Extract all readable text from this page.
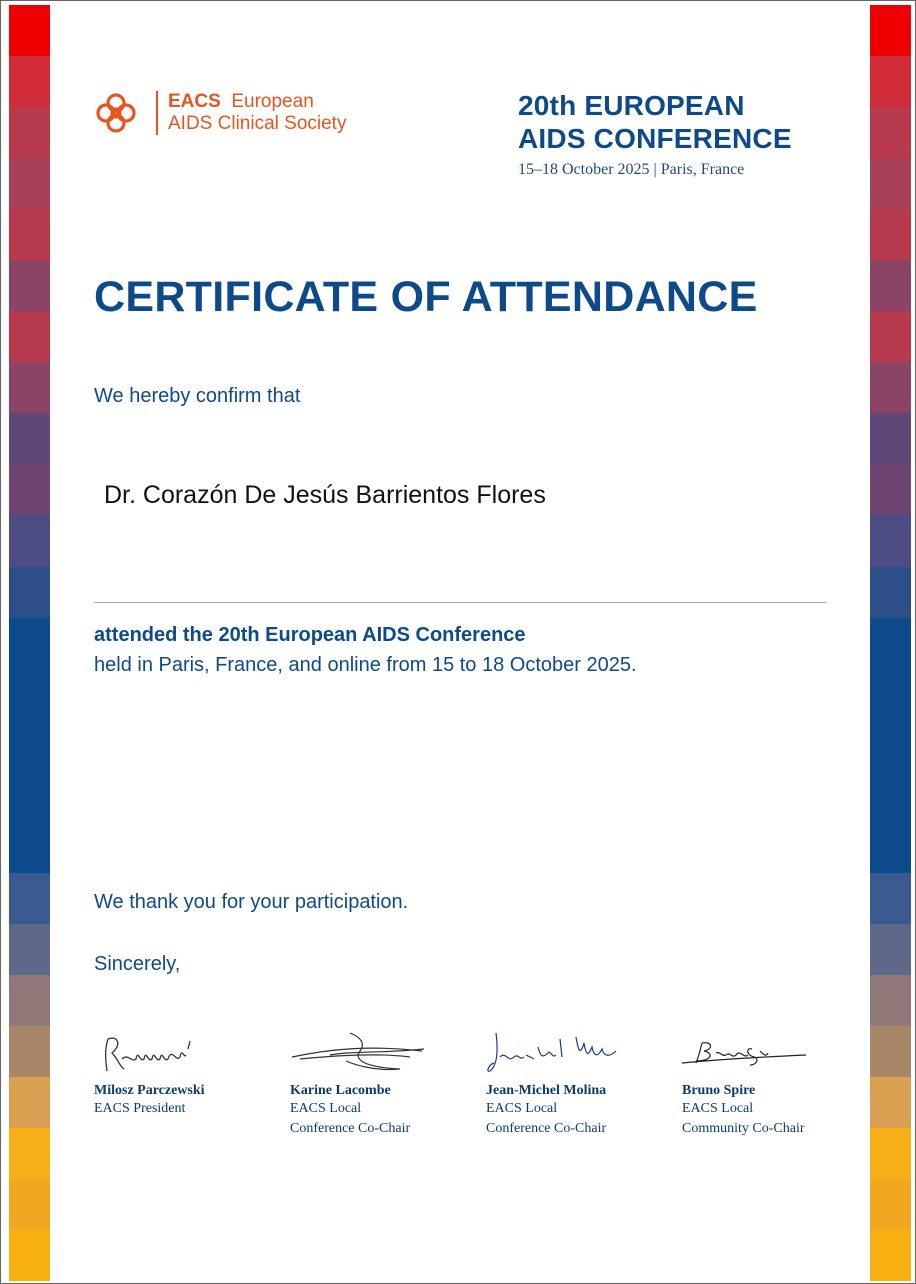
EACS European
AIDS Clinical Society
20th EUROPEAN
AIDS CONFERENCE
15–18 October 2025 | Paris, France
CERTIFICATE OF ATTENDANCE

We hereby confirm that

Dr. Corazón De Jesús Barrientos Flores

attended the 20th European AIDS Conference

held in Paris, France, and online from 15 to 18 October 2025.

We thank you for your participation.

Sincerely,

Milosz Parczewski
EACS President
Karine Lacombe
EACS Local
Conference Co-Chair
Jean-Michel Molina
EACS Local
Conference Co-Chair
Bruno Spire
EACS Local
Community Co-Chair
